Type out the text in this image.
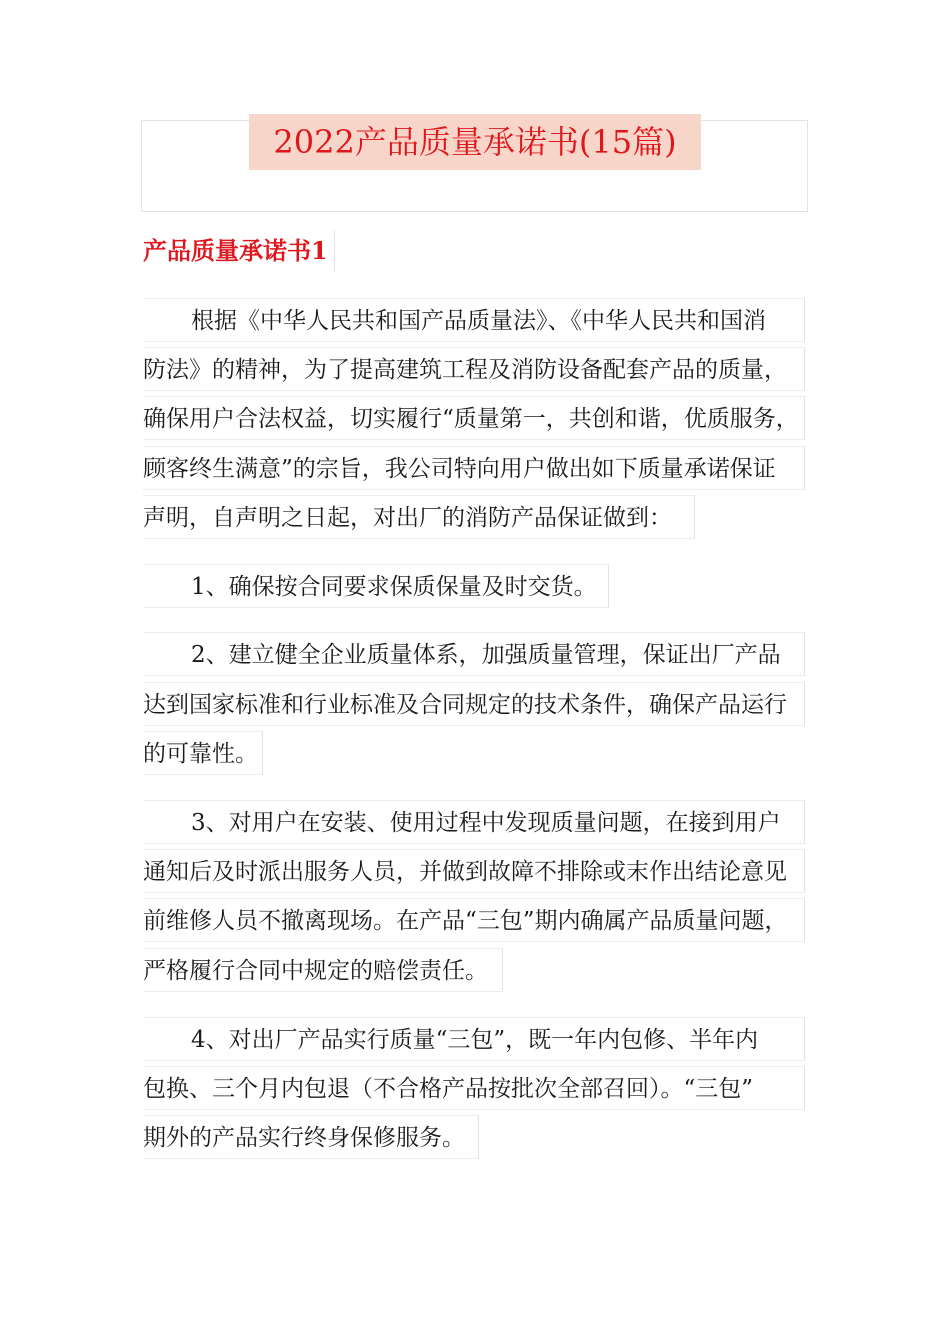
2022产品质量承诺书(15篇)
产品质量承诺书1
根据《中华人民共和国产品质量法》、《中华人民共和国消
防法》的精神，为了提高建筑工程及消防设备配套产品的质量，
确保用户合法权益，切实履行“质量第一，共创和谐，优质服务，
顾客终生满意”的宗旨，我公司特向用户做出如下质量承诺保证
声明，自声明之日起，对出厂的消防产品保证做到：
1、确保按合同要求保质保量及时交货。
2、建立健全企业质量体系，加强质量管理，保证出厂产品
达到国家标准和行业标准及合同规定的技术条件，确保产品运行
的可靠性。
3、对用户在安装、使用过程中发现质量问题，在接到用户
通知后及时派出服务人员，并做到故障不排除或末作出结论意见
前维修人员不撤离现场。在产品“三包”期内确属产品质量问题，
严格履行合同中规定的赔偿责任。
4、对出厂产品实行质量“三包”，既一年内包修、半年内
包换、三个月内包退（不合格产品按批次全部召回）。“三包”
期外的产品实行终身保修服务。
